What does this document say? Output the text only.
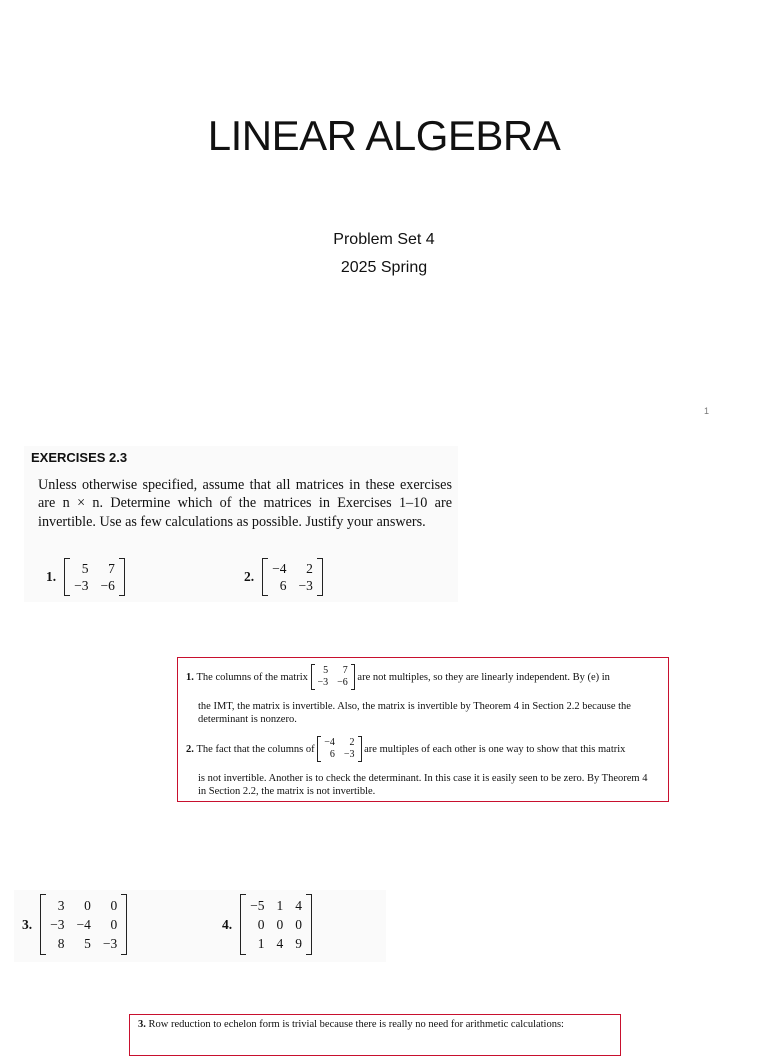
LINEAR ALGEBRA
Problem Set 4
2025 Spring
1
EXERCISES 2.3
Unless otherwise specified, assume that all matrices in these exercises are n × n. Determine which of the matrices in Exercises 1–10 are invertible. Use as few calculations as possible. Justify your answers.
1.
5	7
−3 −6
2.
−4	2
6 −3
1.
The columns of the matrix

5	7
−3 −6
are not multiples, so they are linearly independent. By (e) in

the IMT, the matrix is invertible. Also, the matrix is invertible by Theorem 4 in Section 2.2 because the determinant is nonzero.

2.
The fact that the columns of

−4	2
6 −3
are multiples of each other is one way to show that this matrix

is not invertible. Another is to check the determinant. In this case it is easily seen to be zero. By Theorem 4 in Section 2.2, the matrix is not invertible.

3.
3	0	0
−3 −4	0
8	5 −3
4.
−5 1 4
0 0 0
1 4 9
3. Row reduction to echelon form is trivial because there is really no need for arithmetic calculations:
